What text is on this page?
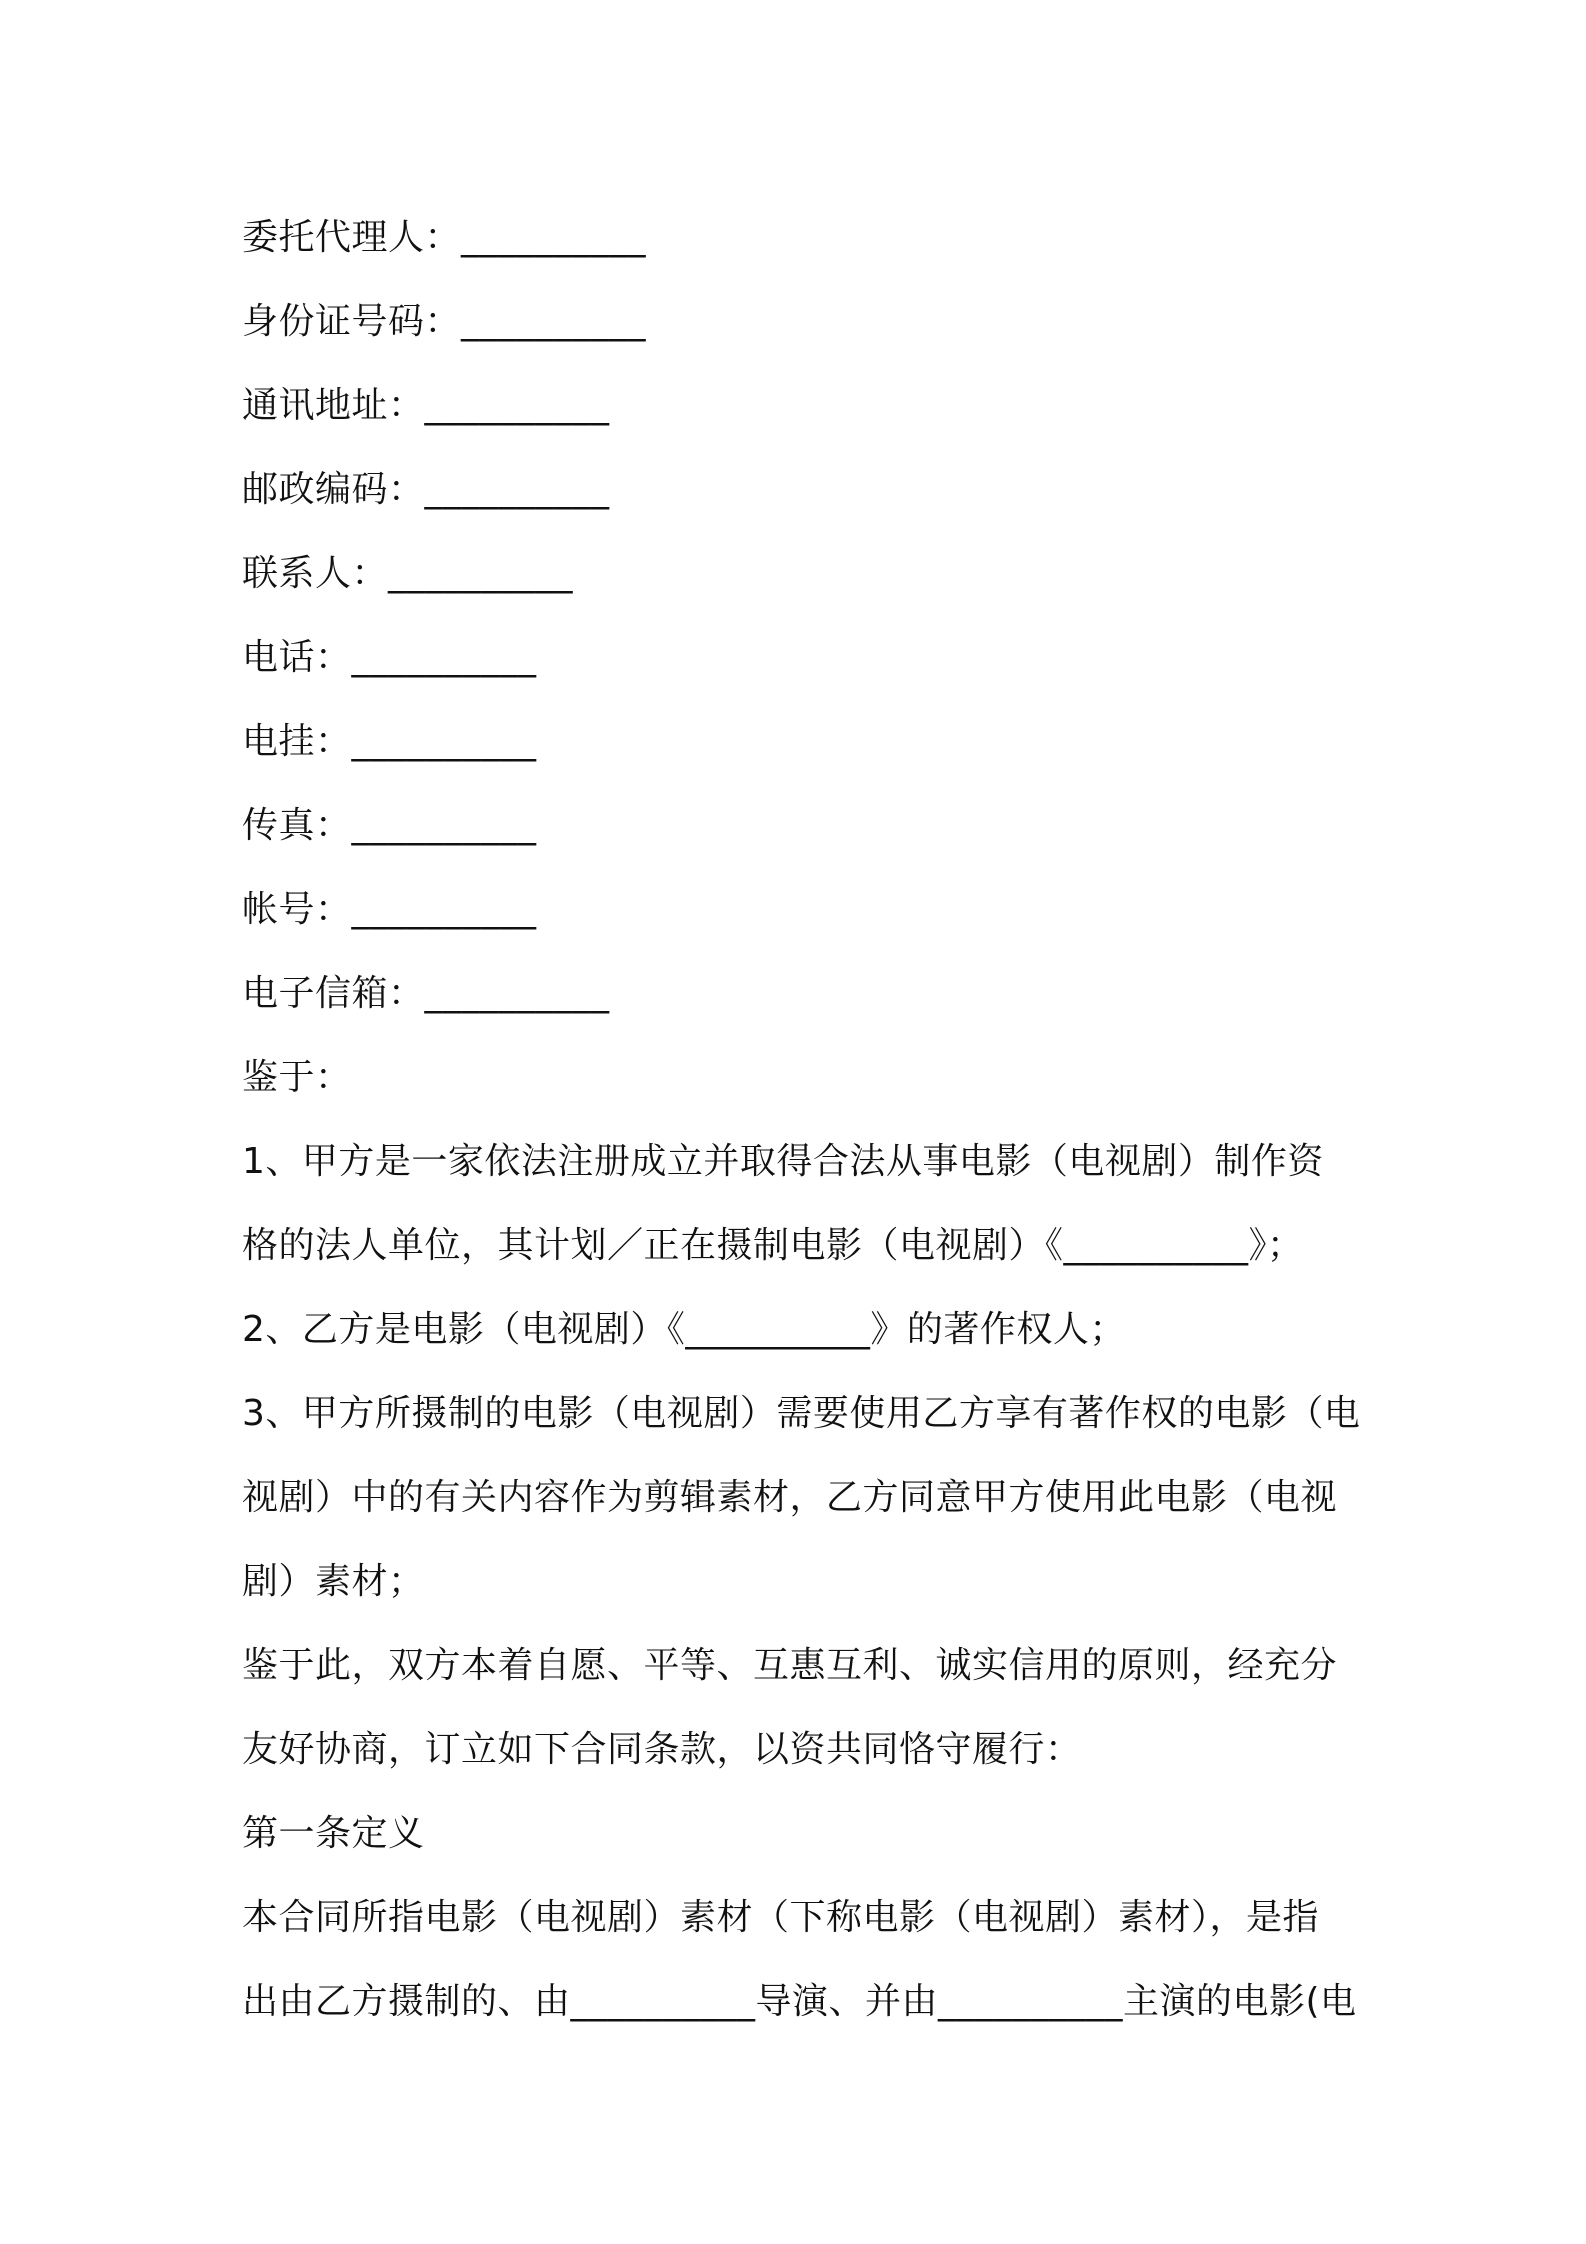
委托代理人：__________
身份证号码：__________
通讯地址：__________
邮政编码：__________
联系人：__________
电话：__________
电挂：__________
传真：__________
帐号：__________
电子信箱：__________
鉴于：
1、甲方是一家依法注册成立并取得合法从事电影（电视剧）制作资
格的法人单位，其计划／正在摄制电影（电视剧）《__________》；
2、乙方是电影（电视剧）《__________》的著作权人；
3、甲方所摄制的电影（电视剧）需要使用乙方享有著作权的电影（电
视剧）中的有关内容作为剪辑素材，乙方同意甲方使用此电影（电视
剧）素材；
鉴于此，双方本着自愿、平等、互惠互利、诚实信用的原则，经充分
友好协商，订立如下合同条款，以资共同恪守履行：
第一条定义
本合同所指电影（电视剧）素材（下称电影（电视剧）素材），是指
出由乙方摄制的、由__________导演、并由__________主演的电影(电
